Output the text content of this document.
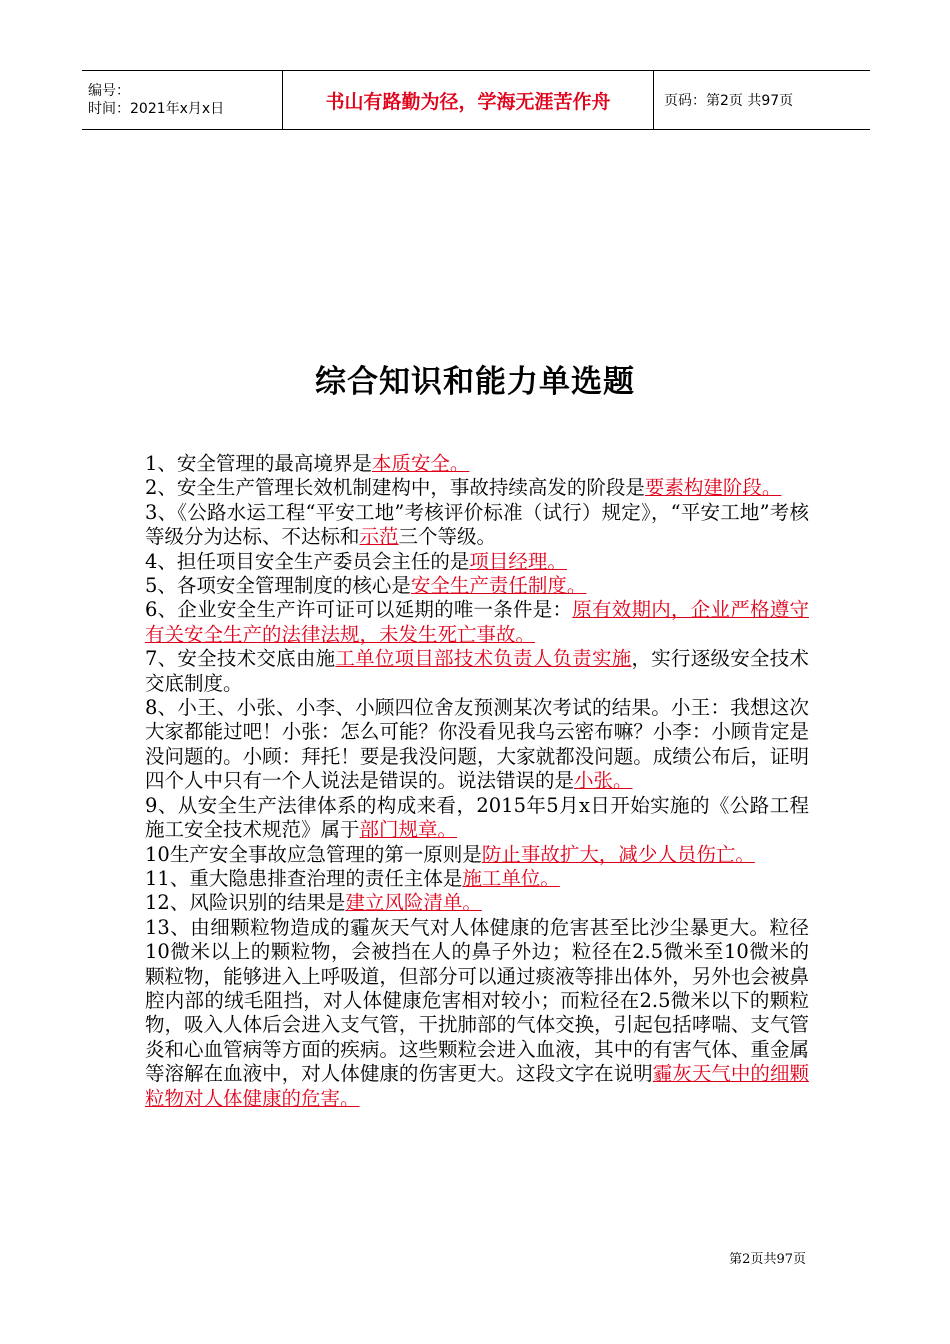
编号：
时间：2021年x月x日	书山有路勤为径，学海无涯苦作舟	页码：第2页 共97页
综合知识和能力单选题

1、安全管理的最高境界是本质安全。

2、安全生产管理长效机制建构中，事故持续高发的阶段是要素构建阶段。

3、《公路水运工程“平安工地”考核评价标准（试行）规定》，“平安工地”考核等级分为达标、不达标和示范三个等级。

4、担任项目安全生产委员会主任的是项目经理。

5、各项安全管理制度的核心是安全生产责任制度。

6、企业安全生产许可证可以延期的唯一条件是：原有效期内，企业严格遵守有关安全生产的法律法规，未发生死亡事故。

7、安全技术交底由施工单位项目部技术负责人负责实施，实行逐级安全技术交底制度。

8、小王、小张、小李、小顾四位舍友预测某次考试的结果。小王：我想这次大家都能过吧！小张：怎么可能？你没看见我乌云密布嘛？小李：小顾肯定是没问题的。小顾：拜托！要是我没问题，大家就都没问题。成绩公布后，证明四个人中只有一个人说法是错误的。说法错误的是小张。

9、从安全生产法律体系的构成来看，2015年5月x日开始实施的《公路工程施工安全技术规范》属于部门规章。

10生产安全事故应急管理的第一原则是防止事故扩大，减少人员伤亡。

11、重大隐患排查治理的责任主体是施工单位。

12、风险识别的结果是建立风险清单。

13、由细颗粒物造成的霾灰天气对人体健康的危害甚至比沙尘暴更大。粒径10微米以上的颗粒物，会被挡在人的鼻子外边；粒径在2.5微米至10微米的颗粒物，能够进入上呼吸道，但部分可以通过痰液等排出体外，另外也会被鼻腔内部的绒毛阻挡，对人体健康危害相对较小；而粒径在2.5微米以下的颗粒物，吸入人体后会进入支气管，干扰肺部的气体交换，引起包括哮喘、支气管炎和心血管病等方面的疾病。这些颗粒会进入血液，其中的有害气体、重金属等溶解在血液中，对人体健康的伤害更大。这段文字在说明霾灰天气中的细颗粒物对人体健康的危害。

第2页共97页
